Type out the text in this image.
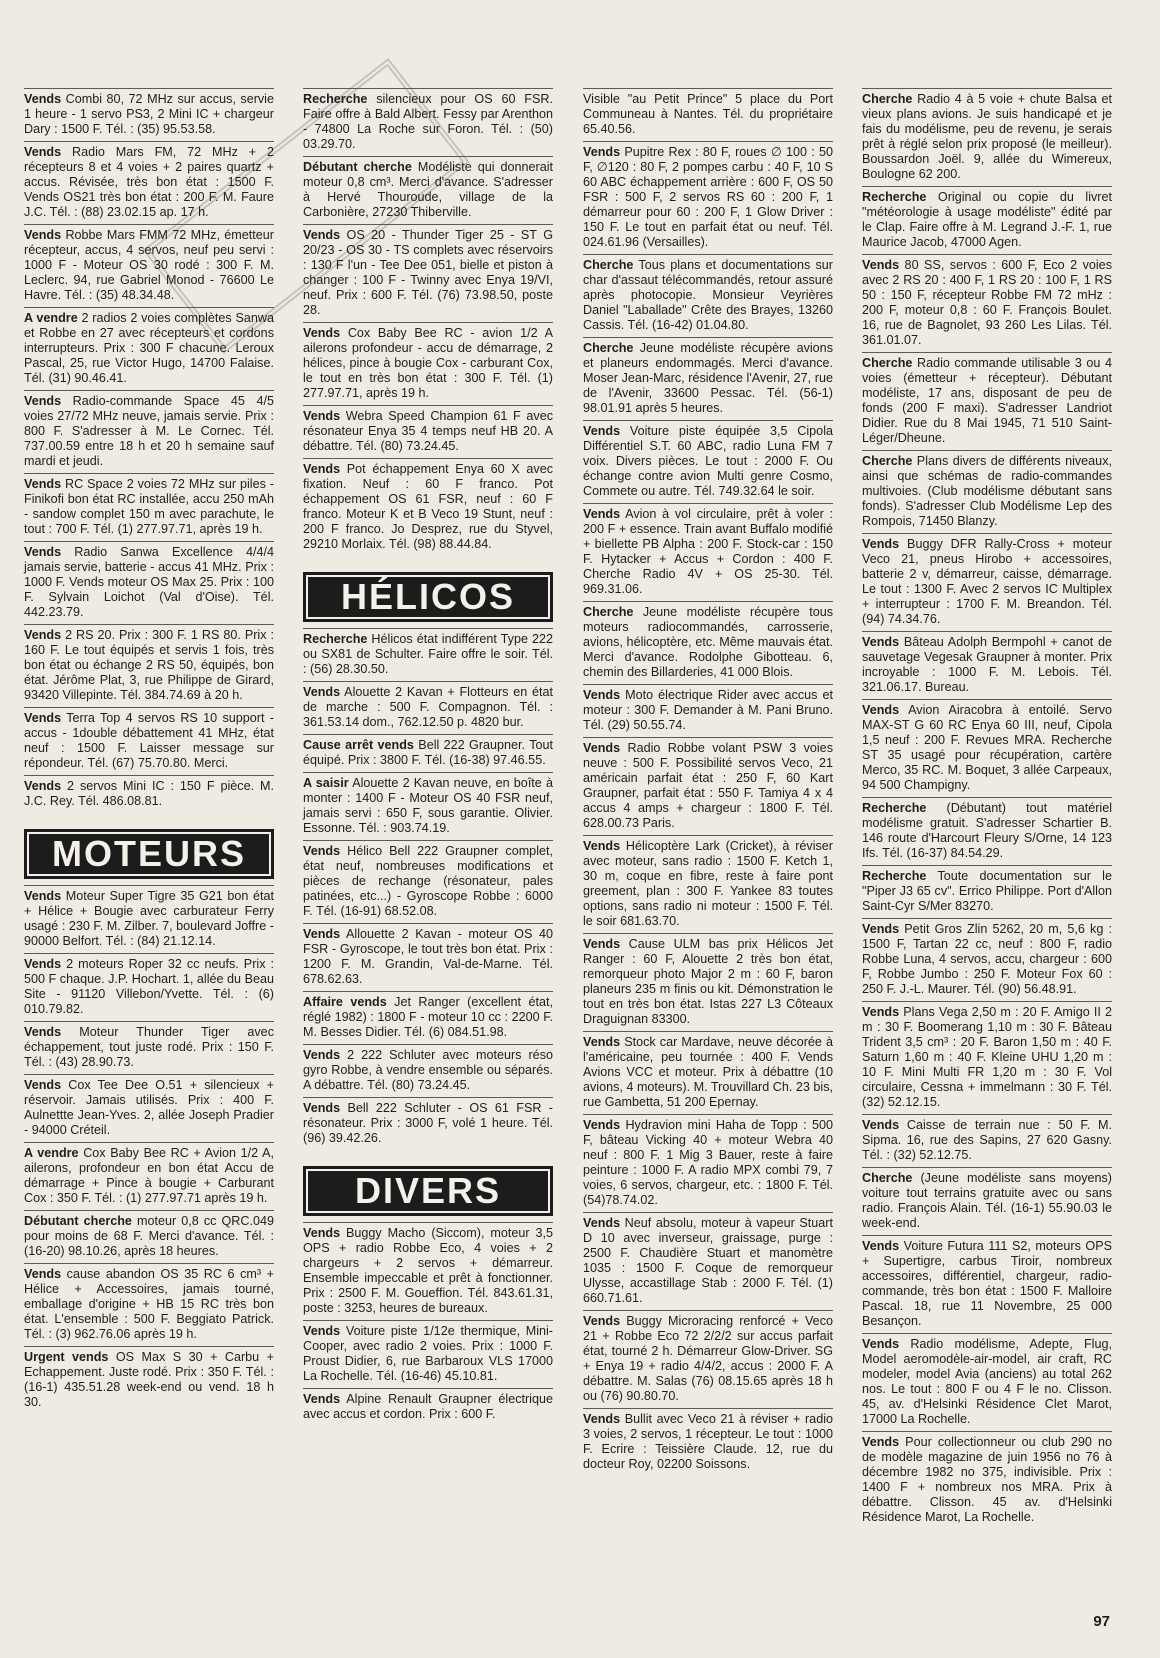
Vends Combi 80, 72 MHz sur accus, servie 1 heure - 1 servo PS3, 2 Mini IC + chargeur Dary : 1500 F. Tél. : (35) 95.53.58.
Vends Radio Mars FM, 72 MHz + 2 récepteurs 8 et 4 voies + 2 paires quartz + accus. Révisée, très bon état : 1500 F. Vends OS21 très bon état : 200 F. M. Faure J.C. Tél. : (88) 23.02.15 ap. 17 h.
Vends Robbe Mars FMM 72 MHz, émetteur récepteur, accus, 4 servos, neuf peu servi : 1000 F - Moteur OS 30 rodé : 300 F. M. Leclerc. 94, rue Gabriel Monod - 76600 Le Havre. Tél. : (35) 48.34.48.
A vendre 2 radios 2 voies complètes Sanwa et Robbe en 27 avec récepteurs et cordons interrupteurs. Prix : 300 F chacune. Leroux Pascal, 25, rue Victor Hugo, 14700 Falaise. Tél. (31) 90.46.41.
Vends Radio-commande Space 45 4/5 voies 27/72 MHz neuve, jamais servie. Prix : 800 F. S'adresser à M. Le Cornec. Tél. 737.00.59 entre 18 h et 20 h semaine sauf mardi et jeudi.
Vends RC Space 2 voies 72 MHz sur piles - Finikofi bon état RC installée, accu 250 mAh - sandow complet 150 m avec parachute, le tout : 700 F. Tél. (1) 277.97.71, après 19 h.
Vends Radio Sanwa Excellence 4/4/4 jamais servie, batterie - accus 41 MHz. Prix : 1000 F. Vends moteur OS Max 25. Prix : 100 F. Sylvain Loichot (Val d'Oise). Tél. 442.23.79.
Vends 2 RS 20. Prix : 300 F. 1 RS 80. Prix : 160 F. Le tout équipés et servis 1 fois, très bon état ou échange 2 RS 50, équipés, bon état. Jérôme Plat, 3, rue Philippe de Girard, 93420 Villepinte. Tél. 384.74.69 à 20 h.
Vends Terra Top 4 servos RS 10 support - accus - 1double débattement 41 MHz, état neuf : 1500 F. Laisser message sur répondeur. Tél. (67) 75.70.80. Merci.
Vends 2 servos Mini IC : 150 F pièce. M. J.C. Rey. Tél. 486.08.81.
MOTEURS
Vends Moteur Super Tigre 35 G21 bon état + Hélice + Bougie avec carburateur Ferry usagé : 230 F. M. Zilber. 7, boulevard Joffre - 90000 Belfort. Tél. : (84) 21.12.14.
Vends 2 moteurs Roper 32 cc neufs. Prix : 500 F chaque. J.P. Hochart. 1, allée du Beau Site - 91120 Villebon/Yvette. Tél. : (6) 010.79.82.
Vends Moteur Thunder Tiger avec échappement, tout juste rodé. Prix : 150 F. Tél. : (43) 28.90.73.
Vends Cox Tee Dee O.51 + silencieux + réservoir. Jamais utilisés. Prix : 400 F. Aulnettte Jean-Yves. 2, allée Joseph Pradier - 94000 Créteil.
A vendre Cox Baby Bee RC + Avion 1/2 A, ailerons, profondeur en bon état Accu de démarrage + Pince à bougie + Carburant Cox : 350 F. Tél. : (1) 277.97.71 après 19 h.
Débutant cherche moteur 0,8 cc QRC.049 pour moins de 68 F. Merci d'avance. Tél. : (16-20) 98.10.26, après 18 heures.
Vends cause abandon OS 35 RC 6 cm³ + Hélice + Accessoires, jamais tourné, emballage d'origine + HB 15 RC très bon état. L'ensemble : 500 F. Beggiato Patrick. Tél. : (3) 962.76.06 après 19 h.
Urgent vends OS Max S 30 + Carbu + Echappement. Juste rodé. Prix : 350 F. Tél. : (16-1) 435.51.28 week-end ou vend. 18 h 30.
Recherche silencieux pour OS 60 FSR. Faire offre à Bald Albert. Fessy par Arenthon - 74800 La Roche sur Foron. Tél. : (50) 03.29.70.
Débutant cherche Modéliste qui donnerait moteur 0,8 cm³. Merci d'avance. S'adresser à Hervé Thouroude, village de la Carbonière, 27230 Thiberville.
Vends OS 20 - Thunder Tiger 25 - ST G 20/23 - OS 30 - TS complets avec réservoirs : 130 F l'un - Tee Dee 051, bielle et piston à changer : 100 F - Twinny avec Enya 19/VI, neuf. Prix : 600 F. Tél. (76) 73.98.50, poste 28.
Vends Cox Baby Bee RC - avion 1/2 A ailerons profondeur - accu de démarrage, 2 hélices, pince à bougie Cox - carburant Cox, le tout en très bon état : 300 F. Tél. (1) 277.97.71, après 19 h.
Vends Webra Speed Champion 61 F avec résonateur Enya 35 4 temps neuf HB 20. A débattre. Tél. (80) 73.24.45.
Vends Pot échappement Enya 60 X avec fixation. Neuf : 60 F franco. Pot échappement OS 61 FSR, neuf : 60 F franco. Moteur K et B Veco 19 Stunt, neuf : 200 F franco. Jo Desprez, rue du Styvel, 29210 Morlaix. Tél. (98) 88.44.84.
HÉLICOS
Recherche Hélicos état indifférent Type 222 ou SX81 de Schulter. Faire offre le soir. Tél. : (56) 28.30.50.
Vends Alouette 2 Kavan + Flotteurs en état de marche : 500 F. Compagnon. Tél. : 361.53.14 dom., 762.12.50 p. 4820 bur.
Cause arrêt vends Bell 222 Graupner. Tout équipé. Prix : 3800 F. Tél. (16-38) 97.46.55.
A saisir Alouette 2 Kavan neuve, en boîte à monter : 1400 F - Moteur OS 40 FSR neuf, jamais servi : 650 F, sous garantie. Olivier. Essonne. Tél. : 903.74.19.
Vends Hélico Bell 222 Graupner complet, état neuf, nombreuses modifications et pièces de rechange (résonateur, pales patinées, etc...) - Gyroscope Robbe : 6000 F. Tél. (16-91) 68.52.08.
Vends Allouette 2 Kavan - moteur OS 40 FSR - Gyroscope, le tout très bon état. Prix : 1200 F. M. Grandin, Val-de-Marne. Tél. 678.62.63.
Affaire vends Jet Ranger (excellent état, réglé 1982) : 1800 F - moteur 10 cc : 2200 F. M. Besses Didier. Tél. (6) 084.51.98.
Vends 2 222 Schluter avec moteurs réso gyro Robbe, à vendre ensemble ou séparés. A débattre. Tél. (80) 73.24.45.
Vends Bell 222 Schluter - OS 61 FSR - résonateur. Prix : 3000 F, volé 1 heure. Tél. (96) 39.42.26.
DIVERS
Vends Buggy Macho (Siccom), moteur 3,5 OPS + radio Robbe Eco, 4 voies + 2 chargeurs + 2 servos + démarreur. Ensemble impeccable et prêt à fonctionner. Prix : 2500 F. M. Gouefﬁon. Tél. 843.61.31, poste : 3253, heures de bureaux.
Vends Voiture piste 1/12e thermique, Mini-Cooper, avec radio 2 voies. Prix : 1000 F. Proust Didier, 6, rue Barbaroux VLS 17000 La Rochelle. Tél. (16-46) 45.10.81.
Vends Alpine Renault Graupner électrique avec accus et cordon. Prix : 600 F.
Visible "au Petit Prince" 5 place du Port Communeau à Nantes. Tél. du propriétaire 65.40.56.
Vends Pupitre Rex : 80 F, roues ∅ 100 : 50 F, ∅120 : 80 F, 2 pompes carbu : 40 F, 10 S 60 ABC échappement arrière : 600 F, OS 50 FSR : 500 F, 2 servos RS 60 : 200 F, 1 démarreur pour 60 : 200 F, 1 Glow Driver : 150 F. Le tout en parfait état ou neuf. Tél. 024.61.96 (Versailles).
Cherche Tous plans et documentations sur char d'assaut télécommandés, retour assuré après photocopie. Monsieur Veyrières Daniel "Laballade" Crête des Brayes, 13260 Cassis. Tél. (16-42) 01.04.80.
Cherche Jeune modéliste récupère avions et planeurs endommagés. Merci d'avance. Moser Jean-Marc, résidence l'Avenir, 27, rue de l'Avenir, 33600 Pessac. Tél. (56-1) 98.01.91 après 5 heures.
Vends Voiture piste équipée 3,5 Cipola Différentiel S.T. 60 ABC, radio Luna FM 7 voix. Divers pièces. Le tout : 2000 F. Ou échange contre avion Multi genre Cosmo, Commete ou autre. Tél. 749.32.64 le soir.
Vends Avion à vol circulaire, prêt à voler : 200 F + essence. Train avant Buffalo modifié + biellette PB Alpha : 200 F. Stock-car : 150 F. Hytacker + Accus + Cordon : 400 F. Cherche Radio 4V + OS 25-30. Tél. 969.31.06.
Cherche Jeune modéliste récupère tous moteurs radiocommandés, carrosserie, avions, hélicoptère, etc. Même mauvais état. Merci d'avance. Rodolphe Gibotteau. 6, chemin des Billarderies, 41 000 Blois.
Vends Moto électrique Rider avec accus et moteur : 300 F. Demander à M. Pani Bruno. Tél. (29) 50.55.74.
Vends Radio Robbe volant PSW 3 voies neuve : 500 F. Possibilité servos Veco, 21 américain parfait état : 250 F, 60 Kart Graupner, parfait état : 550 F. Tamiya 4 x 4 accus 4 amps + chargeur : 1800 F. Tél. 628.00.73 Paris.
Vends Hélicoptère Lark (Cricket), à réviser avec moteur, sans radio : 1500 F. Ketch 1, 30 m, coque en fibre, reste à faire pont greement, plan : 300 F. Yankee 83 toutes options, sans radio ni moteur : 1500 F. Tél. le soir 681.63.70.
Vends Cause ULM bas prix Hélicos Jet Ranger : 60 F, Alouette 2 très bon état, remorqueur photo Major 2 m : 60 F, baron planeurs 235 m finis ou kit. Démonstration le tout en très bon état. Istas 227 L3 Côteaux Draguignan 83300.
Vends Stock car Mardave, neuve décorée à l'américaine, peu tournée : 400 F. Vends Avions VCC et moteur. Prix à débattre (10 avions, 4 moteurs). M. Trouvillard Ch. 23 bis, rue Gambetta, 51 200 Epernay.
Vends Hydravion mini Haha de Topp : 500 F, bâteau Vicking 40 + moteur Webra 40 neuf : 800 F. 1 Mig 3 Bauer, reste à faire peinture : 1000 F. A radio MPX combi 79, 7 voies, 6 servos, chargeur, etc. : 1800 F. Tél. (54)78.74.02.
Vends Neuf absolu, moteur à vapeur Stuart D 10 avec inverseur, graissage, purge : 2500 F. Chaudière Stuart et manomètre 1035 : 1500 F. Coque de remorqueur Ulysse, accastillage Stab : 2000 F. Tél. (1) 660.71.61.
Vends Buggy Microracing renforcé + Veco 21 + Robbe Eco 72 2/2/2 sur accus parfait état, tourné 2 h. Démarreur Glow-Driver. SG + Enya 19 + radio 4/4/2, accus : 2000 F. A débattre. M. Salas (76) 08.15.65 après 18 h ou (76) 90.80.70.
Vends Bullit avec Veco 21 à réviser + radio 3 voies, 2 servos, 1 récepteur. Le tout : 1000 F. Ecrire : Teissière Claude. 12, rue du docteur Roy, 02200 Soissons.
Cherche Radio 4 à 5 voie + chute Balsa et vieux plans avions. Je suis handicapé et je fais du modélisme, peu de revenu, je serais prêt à réglé selon prix proposé (le meilleur). Boussardon Joël. 9, allée du Wimereux, Boulogne 62 200.
Recherche Original ou copie du livret "météorologie à usage modéliste" édité par le Clap. Faire offre à M. Legrand J.-F. 1, rue Maurice Jacob, 47000 Agen.
Vends 80 SS, servos : 600 F, Eco 2 voies avec 2 RS 20 : 400 F, 1 RS 20 : 100 F, 1 RS 50 : 150 F, récepteur Robbe FM 72 mHz : 200 F, moteur 0,8 : 60 F. François Boulet. 16, rue de Bagnolet, 93 260 Les Lilas. Tél. 361.01.07.
Cherche Radio commande utilisable 3 ou 4 voies (émetteur + récepteur). Débutant modéliste, 17 ans, disposant de peu de fonds (200 F maxi). S'adresser Landriot Didier. Rue du 8 Mai 1945, 71 510 Saint-Léger/Dheune.
Cherche Plans divers de différents niveaux, ainsi que schémas de radio-commandes multivoies. (Club modélisme débutant sans fonds). S'adresser Club Modélisme Lep des Rompois, 71450 Blanzy.
Vends Buggy DFR Rally-Cross + moteur Veco 21, pneus Hirobo + accessoires, batterie 2 v, démarreur, caisse, démarrage. Le tout : 1300 F. Avec 2 servos IC Multiplex + interrupteur : 1700 F. M. Breandon. Tél. (94) 74.34.76.
Vends Bâteau Adolph Bermpohl + canot de sauvetage Vegesak Graupner à monter. Prix incroyable : 1000 F. M. Lebois. Tél. 321.06.17. Bureau.
Vends Avion Airacobra à entoilé. Servo MAX-ST G 60 RC Enya 60 III, neuf, Cipola 1,5 neuf : 200 F. Revues MRA. Recherche ST 35 usagé pour récupération, cartère Merco, 35 RC. M. Boquet, 3 allée Carpeaux, 94 500 Champigny.
Recherche (Débutant) tout matériel modélisme gratuit. S'adresser Schartier B. 146 route d'Harcourt Fleury S/Orne, 14 123 Ifs. Tél. (16-37) 84.54.29.
Recherche Toute documentation sur le "Piper J3 65 cv". Errico Philippe. Port d'Allon Saint-Cyr S/Mer 83270.
Vends Petit Gros Zlin 5262, 20 m, 5,6 kg : 1500 F, Tartan 22 cc, neuf : 800 F, radio Robbe Luna, 4 servos, accu, chargeur : 600 F, Robbe Jumbo : 250 F. Moteur Fox 60 : 250 F. J.-L. Maurer. Tél. (90) 56.48.91.
Vends Plans Vega 2,50 m : 20 F. Amigo II 2 m : 30 F. Boomerang 1,10 m : 30 F. Bâteau Trident 3,5 cm³ : 20 F. Baron 1,50 m : 40 F. Saturn 1,60 m : 40 F. Kleine UHU 1,20 m : 10 F. Mini Multi FR 1,20 m : 30 F. Vol circulaire, Cessna + immelmann : 30 F. Tél. (32) 52.12.15.
Vends Caisse de terrain nue : 50 F. M. Sipma. 16, rue des Sapins, 27 620 Gasny. Tél. : (32) 52.12.75.
Cherche (Jeune modéliste sans moyens) voiture tout terrains gratuite avec ou sans radio. François Alain. Tél. (16-1) 55.90.03 le week-end.
Vends Voiture Futura 111 S2, moteurs OPS + Supertigre, carbus Tiroir, nombreux accessoires, différentiel, chargeur, radio-commande, très bon état : 1500 F. Malloire Pascal. 18, rue 11 Novembre, 25 000 Besançon.
Vends Radio modélisme, Adepte, Flug, Model aeromodèle-air-model, air craft, RC modeler, model Avia (anciens) au total 262 nos. Le tout : 800 F ou 4 F le no. Clisson. 45, av. d'Helsinki Résidence Clet Marot, 17000 La Rochelle.
Vends Pour collectionneur ou club 290 no de modèle magazine de juin 1956 no 76 à décembre 1982 no 375, indivisible. Prix : 1400 F + nombreux nos MRA. Prix à débattre. Clisson. 45 av. d'Helsinki Résidence Marot, La Rochelle.
97
